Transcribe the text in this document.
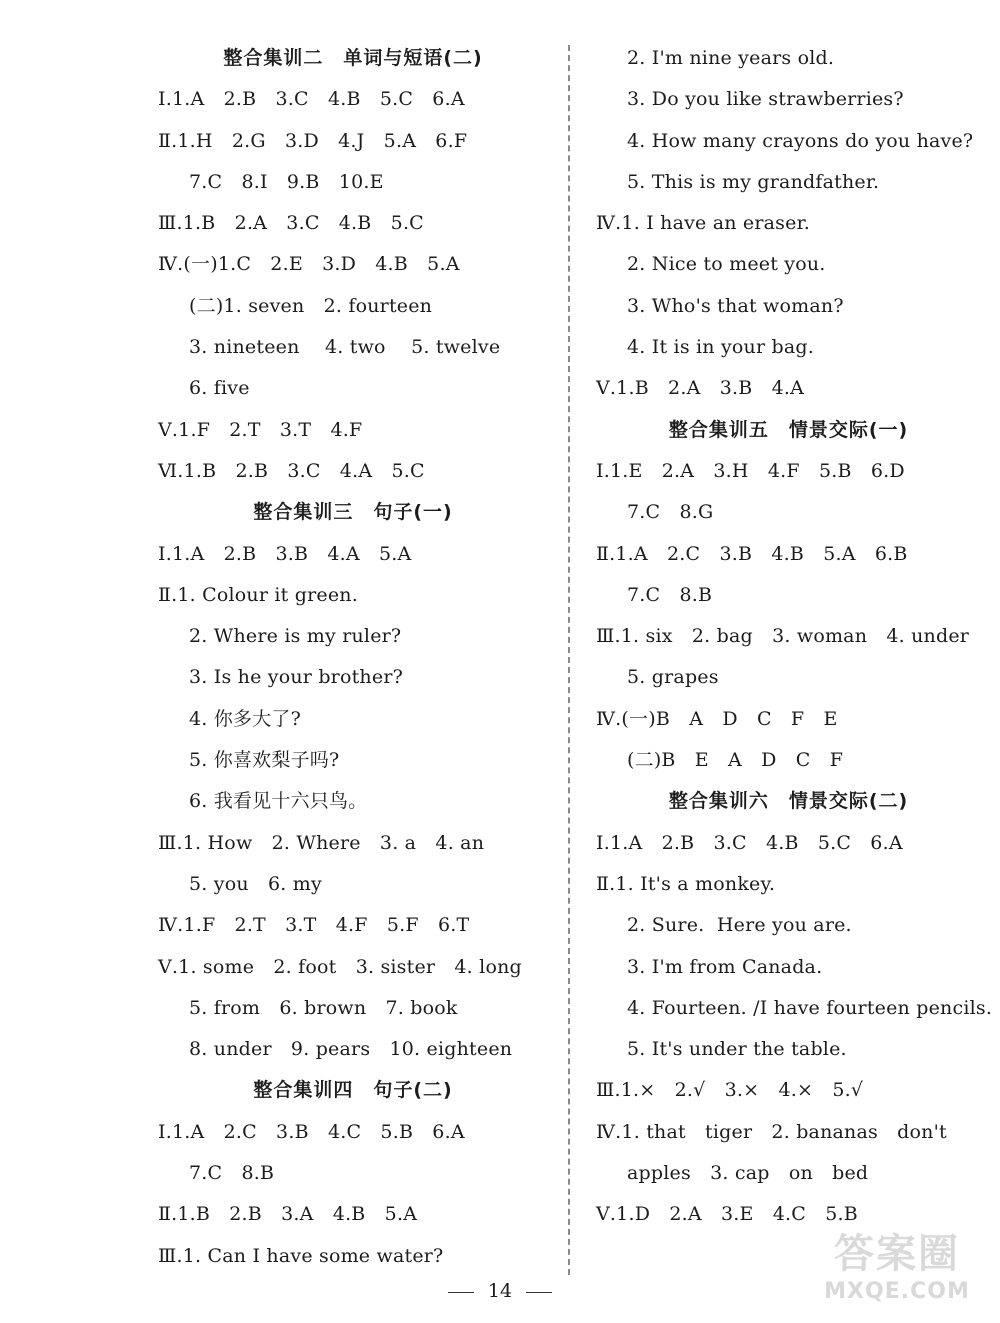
整合集训二　单词与短语(二)
Ⅰ.1.A　2.B　3.C　4.B　5.C　6.A
Ⅱ.1.H　2.G　3.D　4.J　5.A　6.F
7.C　8.I　9.B　10.E
Ⅲ.1.B　2.A　3.C　4.B　5.C
Ⅳ.(一)1.C　2.E　3.D　4.B　5.A
(二)1. seven　2. fourteen
3. nineteen　 4. two　 5. twelve
6. five
Ⅴ.1.F　2.T　3.T　4.F
Ⅵ.1.B　2.B　3.C　4.A　5.C
整合集训三　句子(一)
Ⅰ.1.A　2.B　3.B　4.A　5.A
Ⅱ.1. Colour it green.
2. Where is my ruler?
3. Is he your brother?
4. 你多大了?
5. 你喜欢梨子吗?
6. 我看见十六只鸟。
Ⅲ.1. How　2. Where　3. a　4. an
5. you　6. my
Ⅳ.1.F　2.T　3.T　4.F　5.F　6.T
Ⅴ.1. some　2. foot　3. sister　4. long
5. from　6. brown　7. book
8. under　9. pears　10. eighteen
整合集训四　句子(二)
Ⅰ.1.A　2.C　3.B　4.C　5.B　6.A
7.C　8.B
Ⅱ.1.B　2.B　3.A　4.B　5.A
Ⅲ.1. Can I have some water?
2. I'm nine years old.
3. Do you like strawberries?
4. How many crayons do you have?
5. This is my grandfather.
Ⅳ.1. I have an eraser.
2. Nice to meet you.
3. Who's that woman?
4. It is in your bag.
Ⅴ.1.B　2.A　3.B　4.A
整合集训五　情景交际(一)
Ⅰ.1.E　2.A　3.H　4.F　5.B　6.D
7.C　8.G
Ⅱ.1.A　2.C　3.B　4.B　5.A　6.B
7.C　8.B
Ⅲ.1. six　2. bag　3. woman　4. under
5. grapes
Ⅳ.(一)B　A　D　C　F　E
(二)B　E　A　D　C　F
整合集训六　情景交际(二)
Ⅰ.1.A　2.B　3.C　4.B　5.C　6.A
Ⅱ.1. It's a monkey.
2. Sure.  Here you are.
3. I'm from Canada.
4. Fourteen. /I have fourteen pencils.
5. It's under the table.
Ⅲ.1.×　2.√　3.×　4.×　5.√
Ⅳ.1. that　tiger　2. bananas　don't
apples　3. cap　on　bed
Ⅴ.1.D　2.A　3.E　4.C　5.B
14
答案圈
MXQE.COM
